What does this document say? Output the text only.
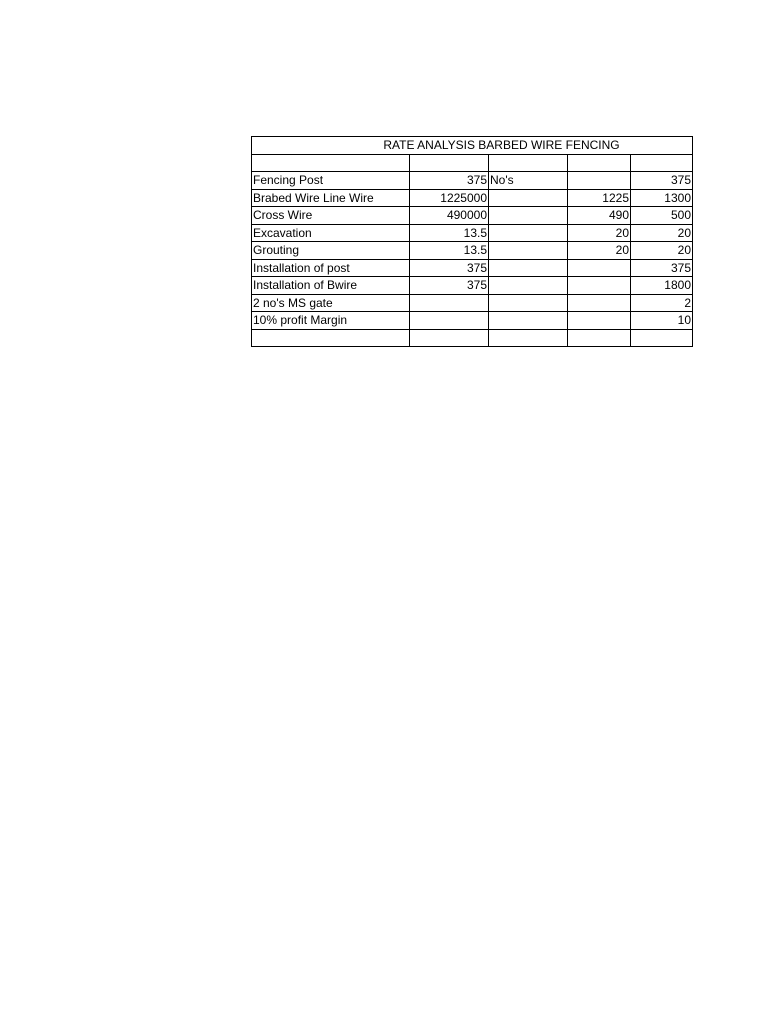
RATE ANALYSIS BARBED WIRE FENCING				

Fencing Post	375	No's		375
Brabed Wire Line Wire	1225000		1225	1300
Cross Wire	490000		490	500
Excavation	13.5		20	20
Grouting	13.5		20	20
Installation of post	375			375
Installation of Bwire	375			1800
2 no's MS gate				2
10% profit Margin				10
